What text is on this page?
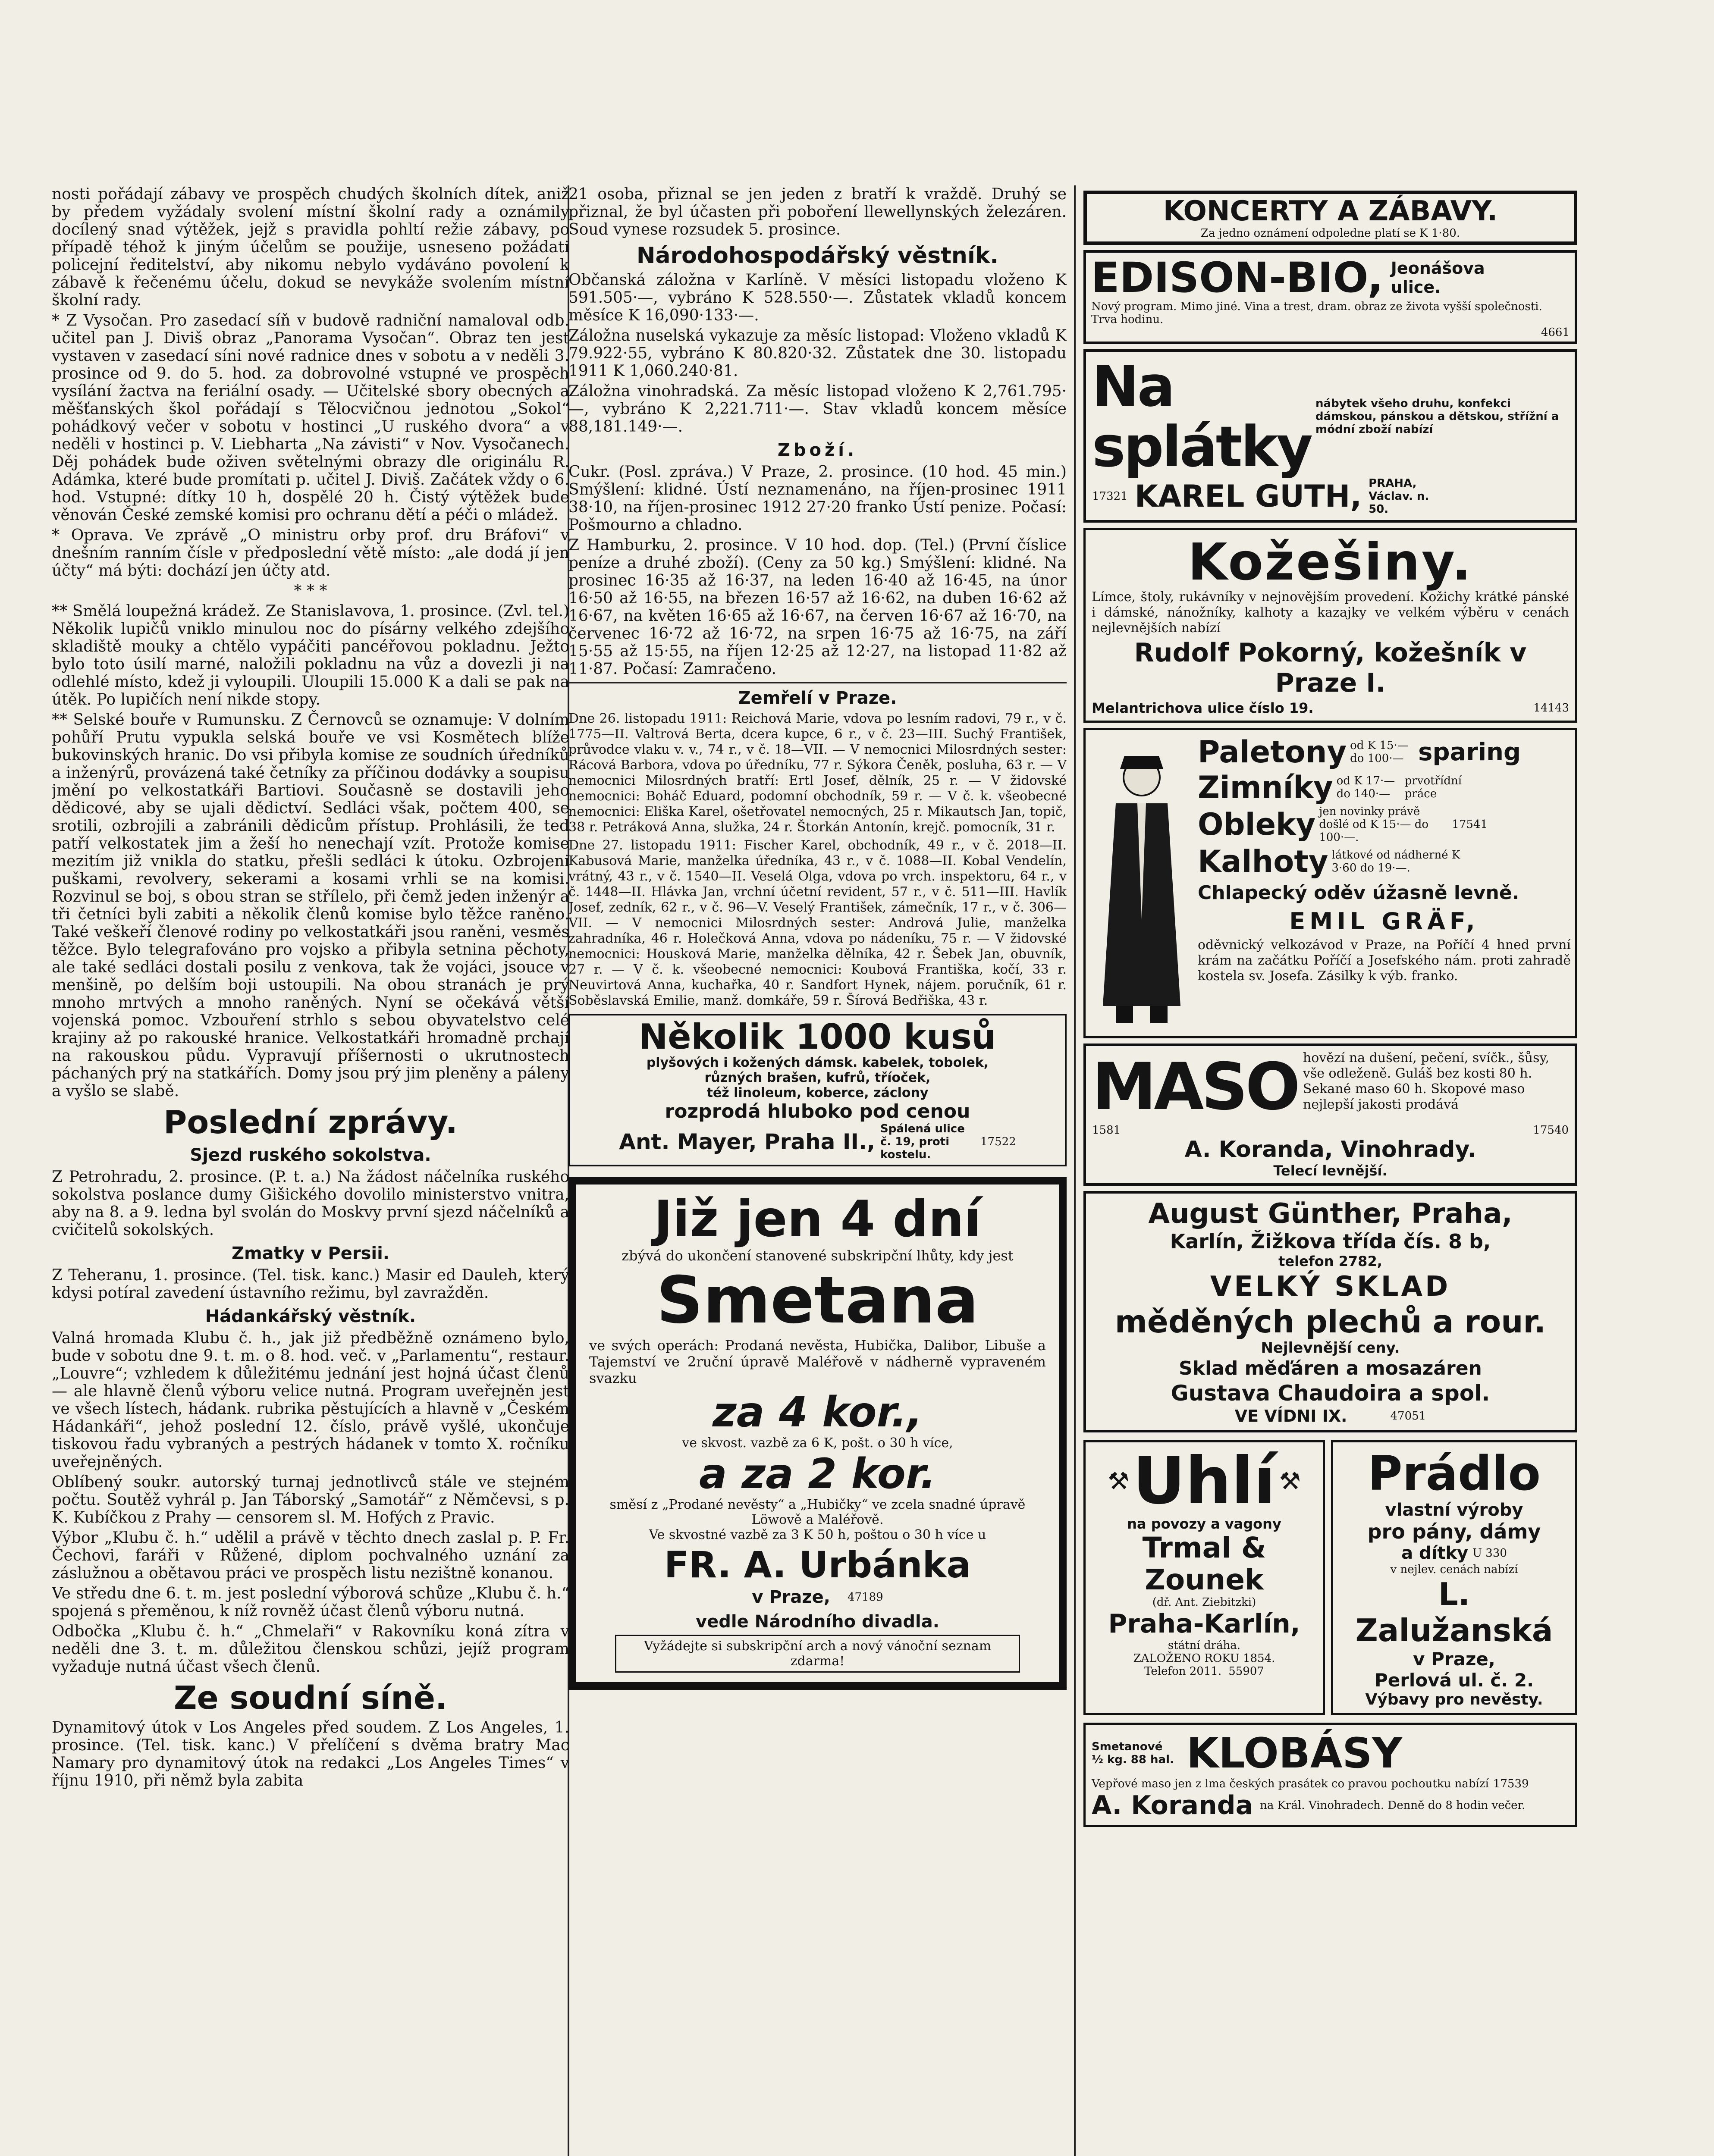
nosti pořádají zábavy ve prospěch chudých školních dítek, aniž by předem vyžádaly svolení místní školní rady a oznámily docílený snad výtěžek, jejž s pravidla pohltí režie zábavy, po případě téhož k jiným účelům se použije, usneseno požádati policejní ředitelství, aby nikomu nebylo vydáváno povolení k zábavě k řečenému účelu, dokud se nevykáže svolením místní školní rady.

* Z Vysočan. Pro zasedací síň v budově radniční namaloval odb. učitel pan J. Diviš obraz „Panorama Vysočan“. Obraz ten jest vystaven v zasedací síni nové radnice dnes v sobotu a v neděli 3. prosince od 9. do 5. hod. za dobrovolné vstupné ve prospěch vysílání žactva na feriální osady. — Učitelské sbory obecných a měšťanských škol pořádají s Tělocvičnou jednotou „Sokol“ pohádkový večer v sobotu v hostinci „U ruského dvora“ a v neděli v hostinci p. V. Liebharta „Na závisti“ v Nov. Vysočanech. Děj pohádek bude oživen světelnými obrazy dle originálu R. Adámka, které bude promítati p. učitel J. Diviš. Začátek vždy o 6. hod. Vstupné: dítky 10 h, dospělé 20 h. Čistý výtěžek bude věnován České zemské komisi pro ochranu dětí a péči o mládež.

* Oprava. Ve zprávě „O ministru orby prof. dru Bráfovi“ v dnešním ranním čísle v předposlední větě místo: „ale dodá jí jen účty“ má býti: dochází jen účty atd.

* * *

** Smělá loupežná krádež. Ze Stanislavova, 1. prosince. (Zvl. tel.) Několik lupičů vniklo minulou noc do písárny velkého zdejšího skladiště mouky a chtělo vypáčiti pancéřovou pokladnu. Ježto bylo toto úsilí marné, naložili pokladnu na vůz a dovezli ji na odlehlé místo, kdež ji vyloupili. Uloupili 15.000 K a dali se pak na útěk. Po lupičích není nikde stopy.

** Selské bouře v Rumunsku. Z Černovců se oznamuje: V dolním pohůří Prutu vypukla selská bouře ve vsi Kosmětech blíže bukovinských hranic. Do vsi přibyla komise ze soudních úředníků a inženýrů, provázená také četníky za příčinou dodávky a soupisu jmění po velkostatkáři Bartiovi. Současně se dostavili jeho dědicové, aby se ujali dědictví. Sedláci však, počtem 400, se srotili, ozbrojili a zabránili dědicům přístup. Prohlásili, že teď patří velkostatek jim a žeší ho nenechají vzít. Protože komise mezitím již vnikla do statku, přešli sedláci k útoku. Ozbrojeni puškami, revolvery, sekerami a kosami vrhli se na komisi. Rozvinul se boj, s obou stran se střílelo, při čemž jeden inženýr a tři četníci byli zabiti a několik členů komise bylo těžce raněno. Také veškeří členové rodiny po velkostatkáři jsou raněni, vesměs těžce. Bylo telegrafováno pro vojsko a přibyla setnina pěchoty, ale také sedláci dostali posilu z venkova, tak že vojáci, jsouce v menšině, po delším boji ustoupili. Na obou stranách je prý mnoho mrtvých a mnoho raněných. Nyní se očekává větší vojenská pomoc. Vzbouření strhlo s sebou obyvatelstvo celé krajiny až po rakouské hranice. Velkostatkáři hromadně prchají na rakouskou půdu. Vypravují příšernosti o ukrutnostech páchaných prý na statkářích. Domy jsou prý jim pleněny a páleny a vyšlo se slabě.

Poslední zprávy.
Sjezd ruského sokolstva.

Z Petrohradu, 2. prosince. (P. t. a.) Na žádost náčelníka ruského sokolstva poslance dumy Gišického dovolilo ministerstvo vnitra, aby na 8. a 9. ledna byl svolán do Moskvy první sjezd náčelníků a cvičitelů sokolských.

Zmatky v Persii.

Z Teheranu, 1. prosince. (Tel. tisk. kanc.) Masir ed Dauleh, který kdysi potíral zavedení ústavního režimu, byl zavražděn.

Hádankářský věstník.

Valná hromada Klubu č. h., jak již předběžně oznámeno bylo, bude v sobotu dne 9. t. m. o 8. hod. več. v „Parlamentu“, restaur. „Louvre“; vzhledem k důležitému jednání jest hojná účast členů — ale hlavně členů výboru velice nutná. Program uveřejněn jest ve všech lístech, hádank. rubrika pěstujících a hlavně v „Českém Hádankáři“, jehož poslední 12. číslo, právě vyšlé, ukončuje tiskovou řadu vybraných a pestrých hádanek v tomto X. ročníku uveřejněných.

Oblíbený soukr. autorský turnaj jednotlivců stále ve stejném počtu. Soutěž vyhrál p. Jan Táborský „Samotář“ z Němčevsi, s p. K. Kubíčkou z Prahy — censorem sl. M. Hofých z Pravic.

Výbor „Klubu č. h.“ udělil a právě v těchto dnech zaslal p. P. Fr. Čechovi, faráři v Růžené, diplom pochvalného uznání za záslužnou a obětavou práci ve prospěch listu nezištně konanou.

Ve středu dne 6. t. m. jest poslední výborová schůze „Klubu č. h.“ spojená s přeměnou, k níž rovněž účast členů výboru nutná.

Odbočka „Klubu č. h.“ „Chmelaři“ v Rakovníku koná zítra v neděli dne 3. t. m. důležitou členskou schůzi, jejíž program vyžaduje nutná účast všech členů.

Ze soudní síně.

Dynamitový útok v Los Angeles před soudem. Z Los Angeles, 1. prosince. (Tel. tisk. kanc.) V přelíčení s dvěma bratry Mac Namary pro dynamitový útok na redakci „Los Angeles Times“ v říjnu 1910, při němž byla zabita

21 osoba, přiznal se jen jeden z bratří k vraždě. Druhý se přiznal, že byl účasten při poboření llewellynských železáren. Soud vynese rozsudek 5. prosince.

Národohospodářský věstník.

Občanská záložna v Karlíně. V měsíci listopadu vloženo K 591.505·—, vybráno K 528.550·—. Zůstatek vkladů koncem měsíce K 16,090·133·—.

Záložna nuselská vykazuje za měsíc listopad: Vloženo vkladů K 79.922·55, vybráno K 80.820·32. Zůstatek dne 30. listopadu 1911 K 1,060.240·81.

Záložna vinohradská. Za měsíc listopad vloženo K 2,761.795·—, vybráno K 2,221.711·—. Stav vkladů koncem měsíce 88,181.149·—.

Zboží.

Cukr. (Posl. zpráva.) V Praze, 2. prosince. (10 hod. 45 min.) Smýšlení: klidné. Ústí neznamenáno, na říjen-prosinec 1911 38·10, na říjen-prosinec 1912 27·20 franko Ústí penize. Počasí: Pošmourno a chladno.

Z Hamburku, 2. prosince. V 10 hod. dop. (Tel.) (První číslice peníze a druhé zboží). (Ceny za 50 kg.) Smýšlení: klidné. Na prosinec 16·35 až 16·37, na leden 16·40 až 16·45, na únor 16·50 až 16·55, na březen 16·57 až 16·62, na duben 16·62 až 16·67, na květen 16·65 až 16·67, na červen 16·67 až 16·70, na červenec 16·72 až 16·72, na srpen 16·75 až 16·75, na září 15·55 až 15·55, na říjen 12·25 až 12·27, na listopad 11·82 až 11·87. Počasí: Zamračeno.

Zemřelí v Praze.

Dne 26. listopadu 1911: Reichová Marie, vdova po lesním radovi, 79 r., v č. 1775—II. Valtrová Berta, dcera kupce, 6 r., v č. 23—III. Suchý František, průvodce vlaku v. v., 74 r., v č. 18—VII. — V nemocnici Milosrdných sester: Rácová Barbora, vdova po úředníku, 77 r. Sýkora Čeněk, posluha, 63 r. — V nemocnici Milosrdných bratří: Ertl Josef, dělník, 25 r. — V židovské nemocnici: Boháč Eduard, podomní obchodník, 59 r. — V č. k. všeobecné nemocnici: Eliška Karel, ošetřovatel nemocných, 25 r. Mikautsch Jan, topič, 38 r. Petráková Anna, služka, 24 r. Štorkán Antonín, krejč. pomocník, 31 r.

Dne 27. listopadu 1911: Fischer Karel, obchodník, 49 r., v č. 2018—II. Kabusová Marie, manželka úředníka, 43 r., v č. 1088—II. Kobal Vendelín, vrátný, 43 r., v č. 1540—II. Veselá Olga, vdova po vrch. inspektoru, 64 r., v č. 1448—II. Hlávka Jan, vrchní účetní revident, 57 r., v č. 511—III. Havlík Josef, zedník, 62 r., v č. 96—V. Veselý František, zámečník, 17 r., v č. 306—VII. — V nemocnici Milosrdných sester: Andrová Julie, manželka zahradníka, 46 r. Holečková Anna, vdova po nádeníku, 75 r. — V židovské nemocnici: Housková Marie, manželka dělníka, 42 r. Šebek Jan, obuvník, 27 r. — V č. k. všeobecné nemocnici: Koubová Františka, kočí, 33 r. Neuvirtová Anna, kuchařka, 40 r. Sandfort Hynek, nájem. poručník, 61 r. Soběslavská Emilie, manž. domkáře, 59 r. Šírová Bedřiška, 43 r.

Několik 1000 kusů
plyšových i kožených dámsk. kabelek, tobolek,
různých brašen, kufrů, tříoček,
též linoleum, koberce, záclony
rozprodá hluboko pod cenou
Ant. Mayer, Praha II.,
Spálená ulice č. 19, proti kostelu.
17522
Již jen 4 dní
zbývá do ukončení stanovené subskripční lhůty, kdy jest
Smetana

ve svých operách: Prodaná nevěsta, Hubička, Dalibor, Libuše a Tajemství ve 2ruční úpravě Maléřově v nádherně vypraveném svazku

za 4 kor.,
ve skvost. vazbě za 6 K, pošt. o 30 h více,
a za 2 kor.
směsí z „Prodané nevěsty“ a „Hubičky“ ve zcela snadné úpravě Löwově a Maléřově.
Ve skvostné vazbě za 3 K 50 h, poštou o 30 h více u
FR. A. Urbánka
v Praze, 47189
vedle Národního divadla.
Vyžádejte si subskripční arch a nový vánoční seznam zdarma!
KONCERTY A ZÁBAVY.
Za jedno oznámení odpoledne platí se K 1·80.
EDISON-BIO, Jeonášova ulice.
Nový program. Mimo jiné. Vina a trest, dram. obraz ze života vyšší společnosti. Trva hodinu.
4661
Na splátky
nábytek všeho druhu, konfekci dámskou, pánskou a dětskou, střížní a módní zboží nabízí
17321 KAREL GUTH, PRAHA, Václav. n. 50.
Kožešiny.
Límce, štoly, rukávníky v nejnovějším provedení. Kožichy krátké pánské i dámské, nánožníky, kalhoty a kazajky ve velkém výběru v cenách nejlevnějších nabízí
Rudolf Pokorný, kožešník v Praze I.
Melantrichova ulice číslo 19.	14143
Paletony od K 15·— do 100·— sparing
Zimníky od K 17·— do 140·—
prvotřídní práce
Obleky jen novinky právě došlé od K 15·— do 100·—.
17541
Kalhoty látkové od nádherné K 3·60 do 19·—.
Chlapecký oděv úžasně levně.
EMIL GRÄF,
oděvnický velkozávod v Praze, na Poříčí 4 hned první krám na začátku Poříčí a Josefského nám. proti zahradě kostela sv. Josefa. Zásilky k výb. franko.
MASO hovězí na dušení, pečení, svíčk., šůsy, vše odleženě. Guláš bez kosti 80 h. Sekané maso 60 h. Skopové maso nejlepší jakosti prodává
1581	17540
A. Koranda, Vinohrady.
Telecí levnější.
August Günther, Praha,
Karlín, Žižkova třída čís. 8 b,
telefon 2782,
VELKÝ SKLAD
měděných plechů a rour.
Nejlevnější ceny.
Sklad měďáren a mosazáren
Gustava Chaudoira a spol.
VE VÍDNI IX.	47051
⚒ Uhlí ⚒
na povozy a vagony
Trmal & Zounek
(dř. Ant. Ziebitzki)
Praha-Karlín,
státní dráha.
ZALOŽENO ROKU 1854.
Telefon 2011. 55907
Prádlo
vlastní výroby
pro pány, dámy
a dítky U 330
v nejlev. cenách nabízí
L. Zalužanská
v Praze,
Perlová ul. č. 2.
Výbavy pro nevěsty.
Smetanové ½ kg. 88 hal. KLOBÁSY
Vepřové maso jen z lma českých prasátek co pravou pochoutku nabízí 17539
A. Koranda na Král. Vinohradech. Denně do 8 hodin večer.
